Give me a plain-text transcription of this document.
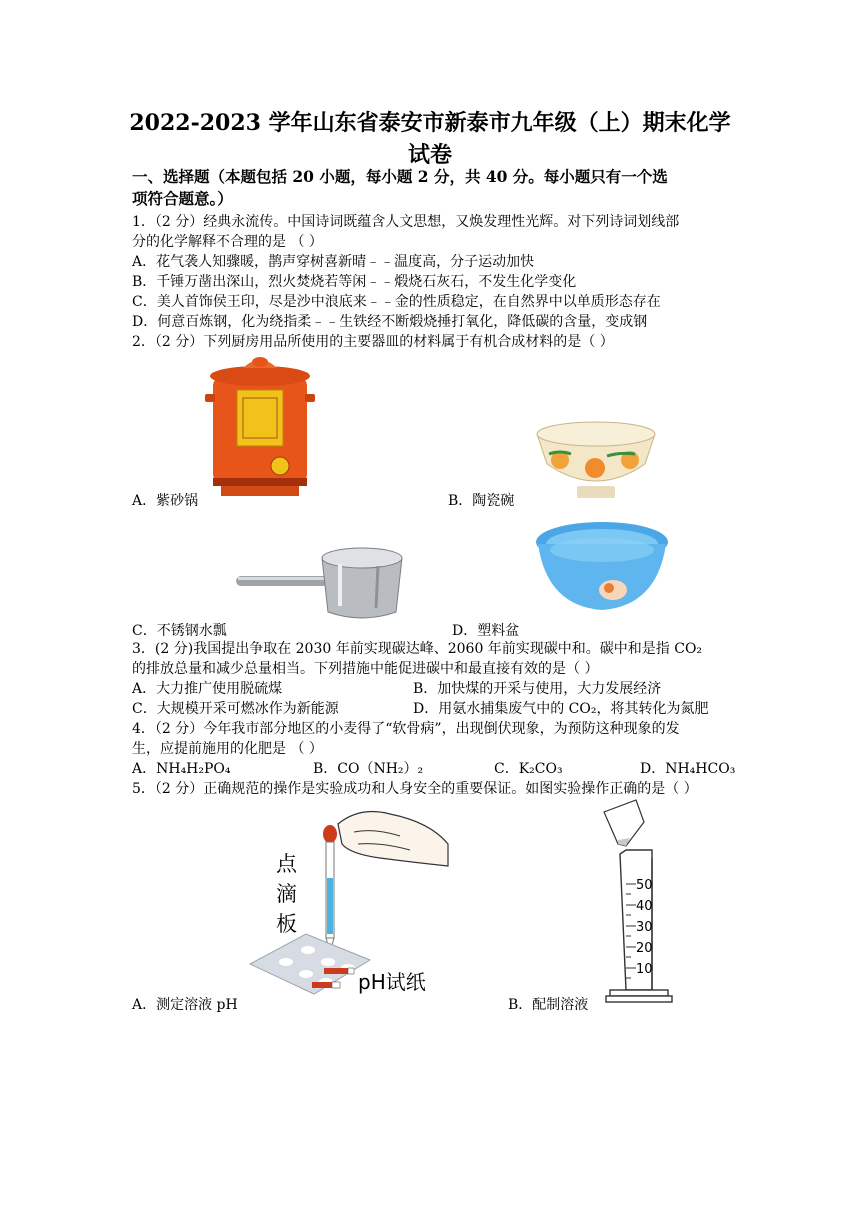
2022-2023 学年山东省泰安市新泰市九年级（上）期末化学
试卷
一、选择题（本题包括 20 小题，每小题 2 分，共 40 分。每小题只有一个选
项符合题意。）
1．（2 分）经典永流传。中国诗词既蕴含人文思想，又焕发理性光辉。对下列诗词划线部
分的化学解释不合理的是 （ ）
A．花气袭人知骤暖，鹊声穿树喜新晴﹣﹣温度高，分子运动加快
B．千锤万凿出深山，烈火焚烧若等闲﹣﹣煅烧石灰石，不发生化学变化
C．美人首饰侯王印，尽是沙中浪底来﹣﹣金的性质稳定，在自然界中以单质形态存在
D．何意百炼钢，化为绕指柔﹣﹣生铁经不断煅烧捶打氧化，降低碳的含量，变成钢
2．（2 分）下列厨房用品所使用的主要器皿的材料属于有机合成材料的是（ ）
A．紫砂锅	B．陶瓷碗
C．不锈钢水瓢	D．塑料盆
3．(2 分)我国提出争取在 2030 年前实现碳达峰、2060 年前实现碳中和。碳中和是指 CO₂
的排放总量和减少总量相当。下列措施中能促进碳中和最直接有效的是（ ）
A．大力推广使用脱硫煤	B．加快煤的开采与使用，大力发展经济
C．大规模开采可燃冰作为新能源	D．用氨水捕集废气中的 CO₂，将其转化为氮肥
4．（2 分）今年我市部分地区的小麦得了“软骨病”，出现倒伏现象，为预防这种现象的发
生，应提前施用的化肥是 （ ）
A．NH₄H₂PO₄	B．CO（NH₂）₂	C．K₂CO₃	D．NH₄HCO₃
5．（2 分）正确规范的操作是实验成功和人身安全的重要保证。如图实验操作正确的是（ ）
点
滴
板
pH试纸
50
40
30
20
10
A．测定溶液 pH	B．配制溶液
